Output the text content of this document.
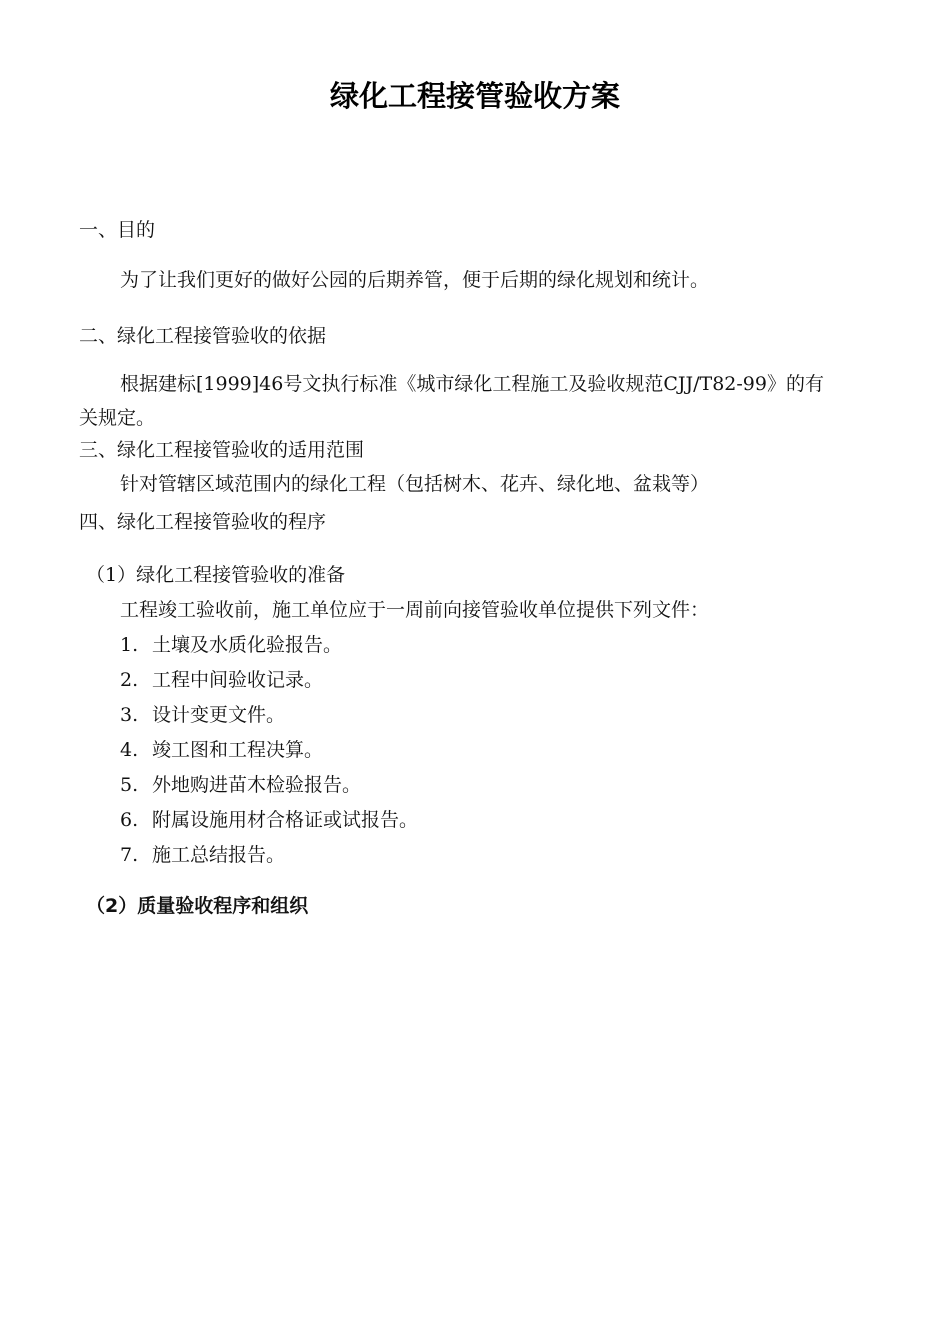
绿化工程接管验收方案

一、目的

为了让我们更好的做好公园的后期养管，便于后期的绿化规划和统计。

二、绿化工程接管验收的依据

根据建标[1999]46号文执行标准《城市绿化工程施工及验收规范CJJ/T82-99》的有

关规定。

三、绿化工程接管验收的适用范围

针对管辖区域范围内的绿化工程（包括树木、花卉、绿化地、盆栽等）

四、绿化工程接管验收的程序

（1）绿化工程接管验收的准备

工程竣工验收前，施工单位应于一周前向接管验收单位提供下列文件：

1. 土壤及水质化验报告。

2. 工程中间验收记录。

3. 设计变更文件。

4. 竣工图和工程决算。

5. 外地购进苗木检验报告。

6. 附属设施用材合格证或试报告。

7. 施工总结报告。

（2）质量验收程序和组织
